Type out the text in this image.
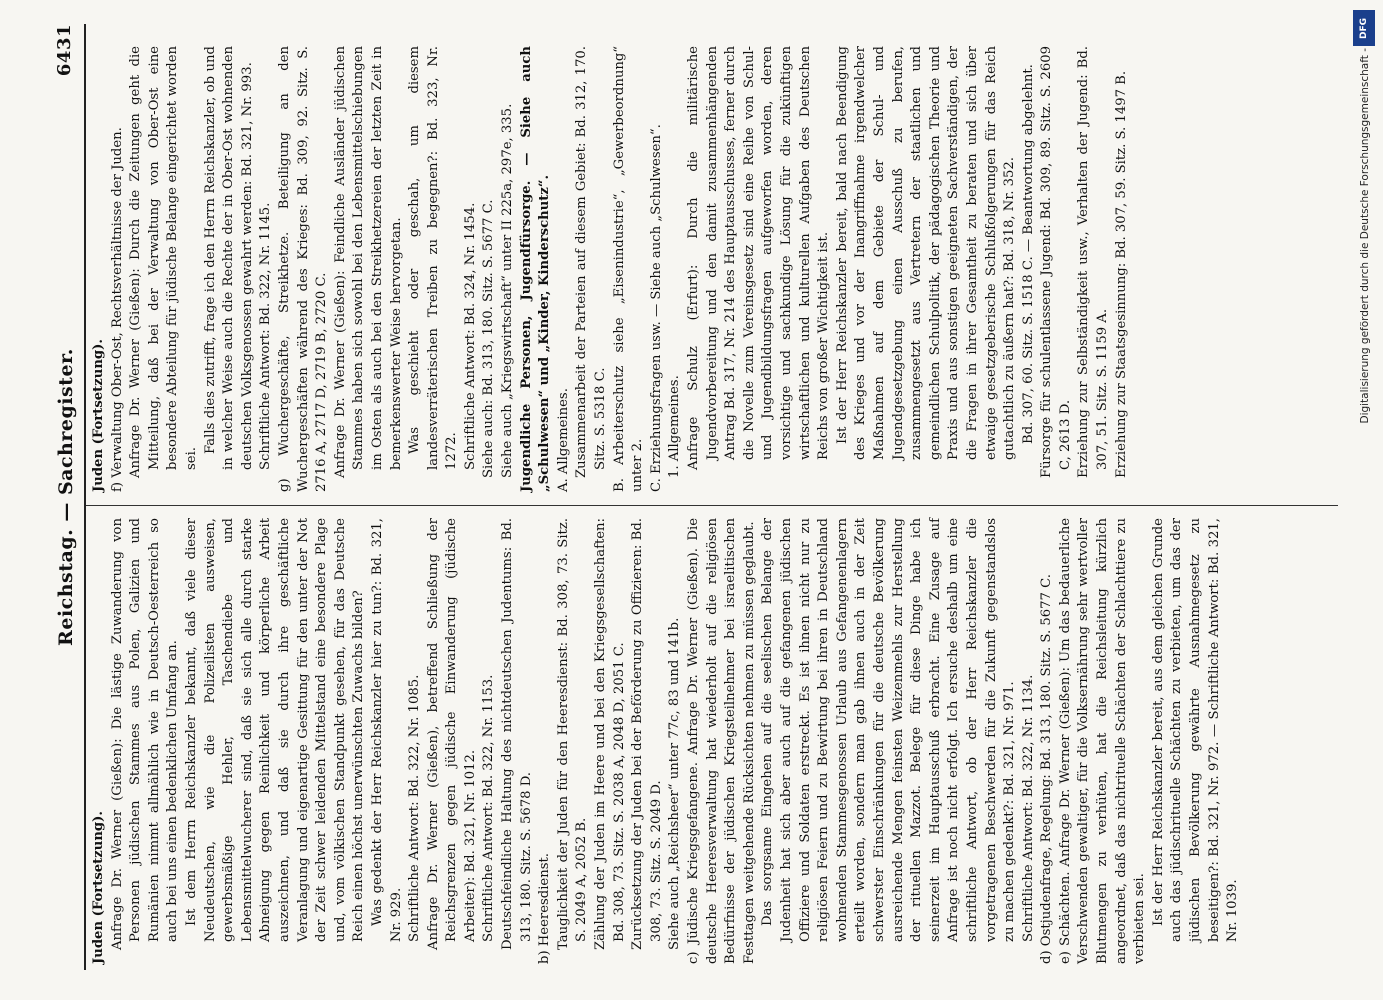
Reichstag. — Sachregister.
6431

Juden (Fortsetzung). Anfrage Dr. Werner (Gießen): Die lästige Zuwanderung von Personen jüdischen Stammes aus Polen, Galizien und Rumänien nimmt allmählich wie in Deutsch-Oesterreich so auch bei uns einen bedenklichen Umfang an. Ist dem Herrn Reichskanzler bekannt, daß viele dieser Neudeutschen, wie die Polizeilisten ausweisen, gewerbsmäßige Hehler, Taschendiebe und Lebensmittelwucherer sind, daß sie sich alle durch starke Abneigung gegen Reinlichkeit und körperliche Arbeit auszeichnen, und daß sie durch ihre geschäftliche Veranlagung und eigenartige Gesittung für den unter der Not der Zeit schwer leidenden Mittelstand eine besondere Plage und, vom völkischen Standpunkt gesehen, für das Deutsche Reich einen höchst unerwünschten Zuwachs bilden? Was gedenkt der Herr Reichskanzler hier zu tun?: Bd. 321, Nr. 929. Schriftliche Antwort: Bd. 322, Nr. 1085. Anfrage Dr. Werner (Gießen), betreffend Schließung der Reichsgrenzen gegen jüdische Einwanderung (jüdische Arbeiter): Bd. 321, Nr. 1012. Schriftliche Antwort: Bd. 322, Nr. 1153. Deutschfeindliche Haltung des nichtdeutschen Judentums: Bd. 313, 180. Sitz. S. 5678 D. b) Heeresdienst. Tauglichkeit der Juden für den Heeresdienst: Bd. 308, 73. Sitz. S. 2049 A, 2052 B. Zählung der Juden im Heere und bei den Kriegsgesellschaften: Bd. 308, 73. Sitz. S. 2038 A, 2048 D, 2051 C. Zurücksetzung der Juden bei der Beförderung zu Offizieren: Bd. 308, 73. Sitz. S. 2049 D. Siehe auch „Reichsheer“ unter 77c, 83 und 141b. c) Jüdische Kriegsgefangene. Anfrage Dr. Werner (Gießen). Die deutsche Heeresverwaltung hat wiederholt auf die religiösen Bedürfnisse der jüdischen Kriegsteilnehmer bei israelitischen Festtagen weitgehende Rücksichten nehmen zu müssen geglaubt. Das sorgsame Eingehen auf die seelischen Belange der Judenheit hat sich aber auch auf die gefangenen jüdischen Offiziere und Soldaten erstreckt. Es ist ihnen nicht nur zu religiösen Feiern und zu Bewirtung bei ihren in Deutschland wohnenden Stammesgenossen Urlaub aus Gefangenenlagern erteilt worden, sondern man gab ihnen auch in der Zeit schwerster Einschränkungen für die deutsche Bevölkerung ausreichende Mengen feinsten Weizenmehls zur Herstellung der rituellen Mazzot. Belege für diese Dinge habe ich seinerzeit im Hauptausschuß erbracht. Eine Zusage auf Anfrage ist noch nicht erfolgt. Ich ersuche deshalb um eine schriftliche Antwort, ob der Herr Reichskanzler die vorgetragenen Beschwerden für die Zukunft gegenstandslos zu machen gedenkt?: Bd. 321, Nr. 971. Schriftliche Antwort: Bd. 322, Nr. 1134. d) Ostjudenfrage, Regelung: Bd. 313, 180. Sitz. S. 5677 C. e) Schächten. Anfrage Dr. Werner (Gießen): Um das bedauerliche Verschwenden gewaltiger, für die Volksernährung sehr wertvoller Blutmengen zu verhüten, hat die Reichsleitung kürzlich angeordnet, daß das nichtrituelle Schächten der Schlachttiere zu verbieten sei. Ist der Herr Reichskanzler bereit, aus dem gleichen Grunde auch das jüdischrituelle Schächten zu verbieten, um das der jüdischen Bevölkerung gewährte Ausnahmegesetz zu beseitigen?: Bd. 321, Nr. 972. — Schriftliche Antwort: Bd. 321, Nr. 1039.

Juden (Fortsetzung). f) Verwaltung Ober-Ost, Rechtsverhältnisse der Juden. Anfrage Dr. Werner (Gießen): Durch die Zeitungen geht die Mitteilung, daß bei der Verwaltung von Ober-Ost eine besondere Abteilung für jüdische Belange eingerichtet worden sei.

Falls dies zutrifft, frage ich den Herrn Reichskanzler, ob und in welcher Weise auch die Rechte der in Ober-Ost wohnenden deutschen Volksgenossen gewahrt werden: Bd. 321, Nr. 993. Schriftliche Antwort: Bd. 322, Nr. 1145. g) Wuchergeschäfte, Streikhetze. Beteiligung an den Wuchergeschäften während des Krieges: Bd. 309, 92. Sitz. S. 2716 A, 2717 D, 2719 B, 2720 C. Anfrage Dr. Werner (Gießen): Feindliche Ausländer jüdischen Stammes haben sich sowohl bei den Lebensmittelschiebungen im Osten als auch bei den Streikhetzereien der letzten Zeit in bemerkenswerter Weise hervorgetan. Was geschieht oder geschah, um diesem landesverräterischen Treiben zu begegnen?: Bd. 323, Nr. 1272. Schriftliche Antwort: Bd. 324, Nr. 1454. Siehe auch: Bd. 313, 180. Sitz. S. 5677 C. Siehe auch „Kriegswirtschaft“ unter II 225a, 297e, 335. Jugendliche Personen, Jugendfürsorge. — Siehe auch „Schulwesen“ und „Kinder, Kinderschutz“. A. Allgemeines. Zusammenarbeit der Parteien auf diesem Gebiet: Bd. 312, 170. Sitz. S. 5318 C. B. Arbeiterschutz siehe „Eisenindustrie“, „Gewerbeordnung“ unter 2. C. Erziehungsfragen usw. — Siehe auch „Schulwesen“. 1. Allgemeines. Anfrage Schulz (Erfurt): Durch die militärische Jugendvorbereitung und den damit zusammenhängenden Antrag Bd. 317, Nr. 214 des Hauptausschusses, ferner durch die Novelle zum Vereinsgesetz sind eine Reihe von Schul- und Jugendbildungsfragen aufgeworfen worden, deren vorsichtige und sachkundige Lösung für die zukünftigen wirtschaftlichen und kulturellen Aufgaben des Deutschen Reichs von großer Wichtigkeit ist. Ist der Herr Reichskanzler bereit, bald nach Beendigung des Krieges und vor der Inangriffnahme irgendwelcher Maßnahmen auf dem Gebiete der Schul- und Jugendgesetzgebung einen Ausschuß zu berufen, zusammengesetzt aus Vertretern der staatlichen und gemeindlichen Schulpolitik, der pädagogischen Theorie und Praxis und aus sonstigen geeigneten Sachverständigen, der die Fragen in ihrer Gesamtheit zu beraten und sich über etwaige gesetzgeberische Schlußfolgerungen für das Reich gutachtlich zu äußern hat?: Bd. 318, Nr. 352. Bd. 307, 60. Sitz. S. 1518 C. — Beantwortung abgelehnt. Fürsorge für schulentlassene Jugend: Bd. 309, 89. Sitz. S. 2609 C, 2613 D. Erziehung zur Selbständigkeit usw., Verhalten der Jugend: Bd. 307, 51. Sitz. S. 1159 A. Erziehung zur Staatsgesinnung: Bd. 307, 59. Sitz. S. 1497 B.	Digitalisierung gefördert durch die Deutsche Forschungsgemeinschaft -
DFG
